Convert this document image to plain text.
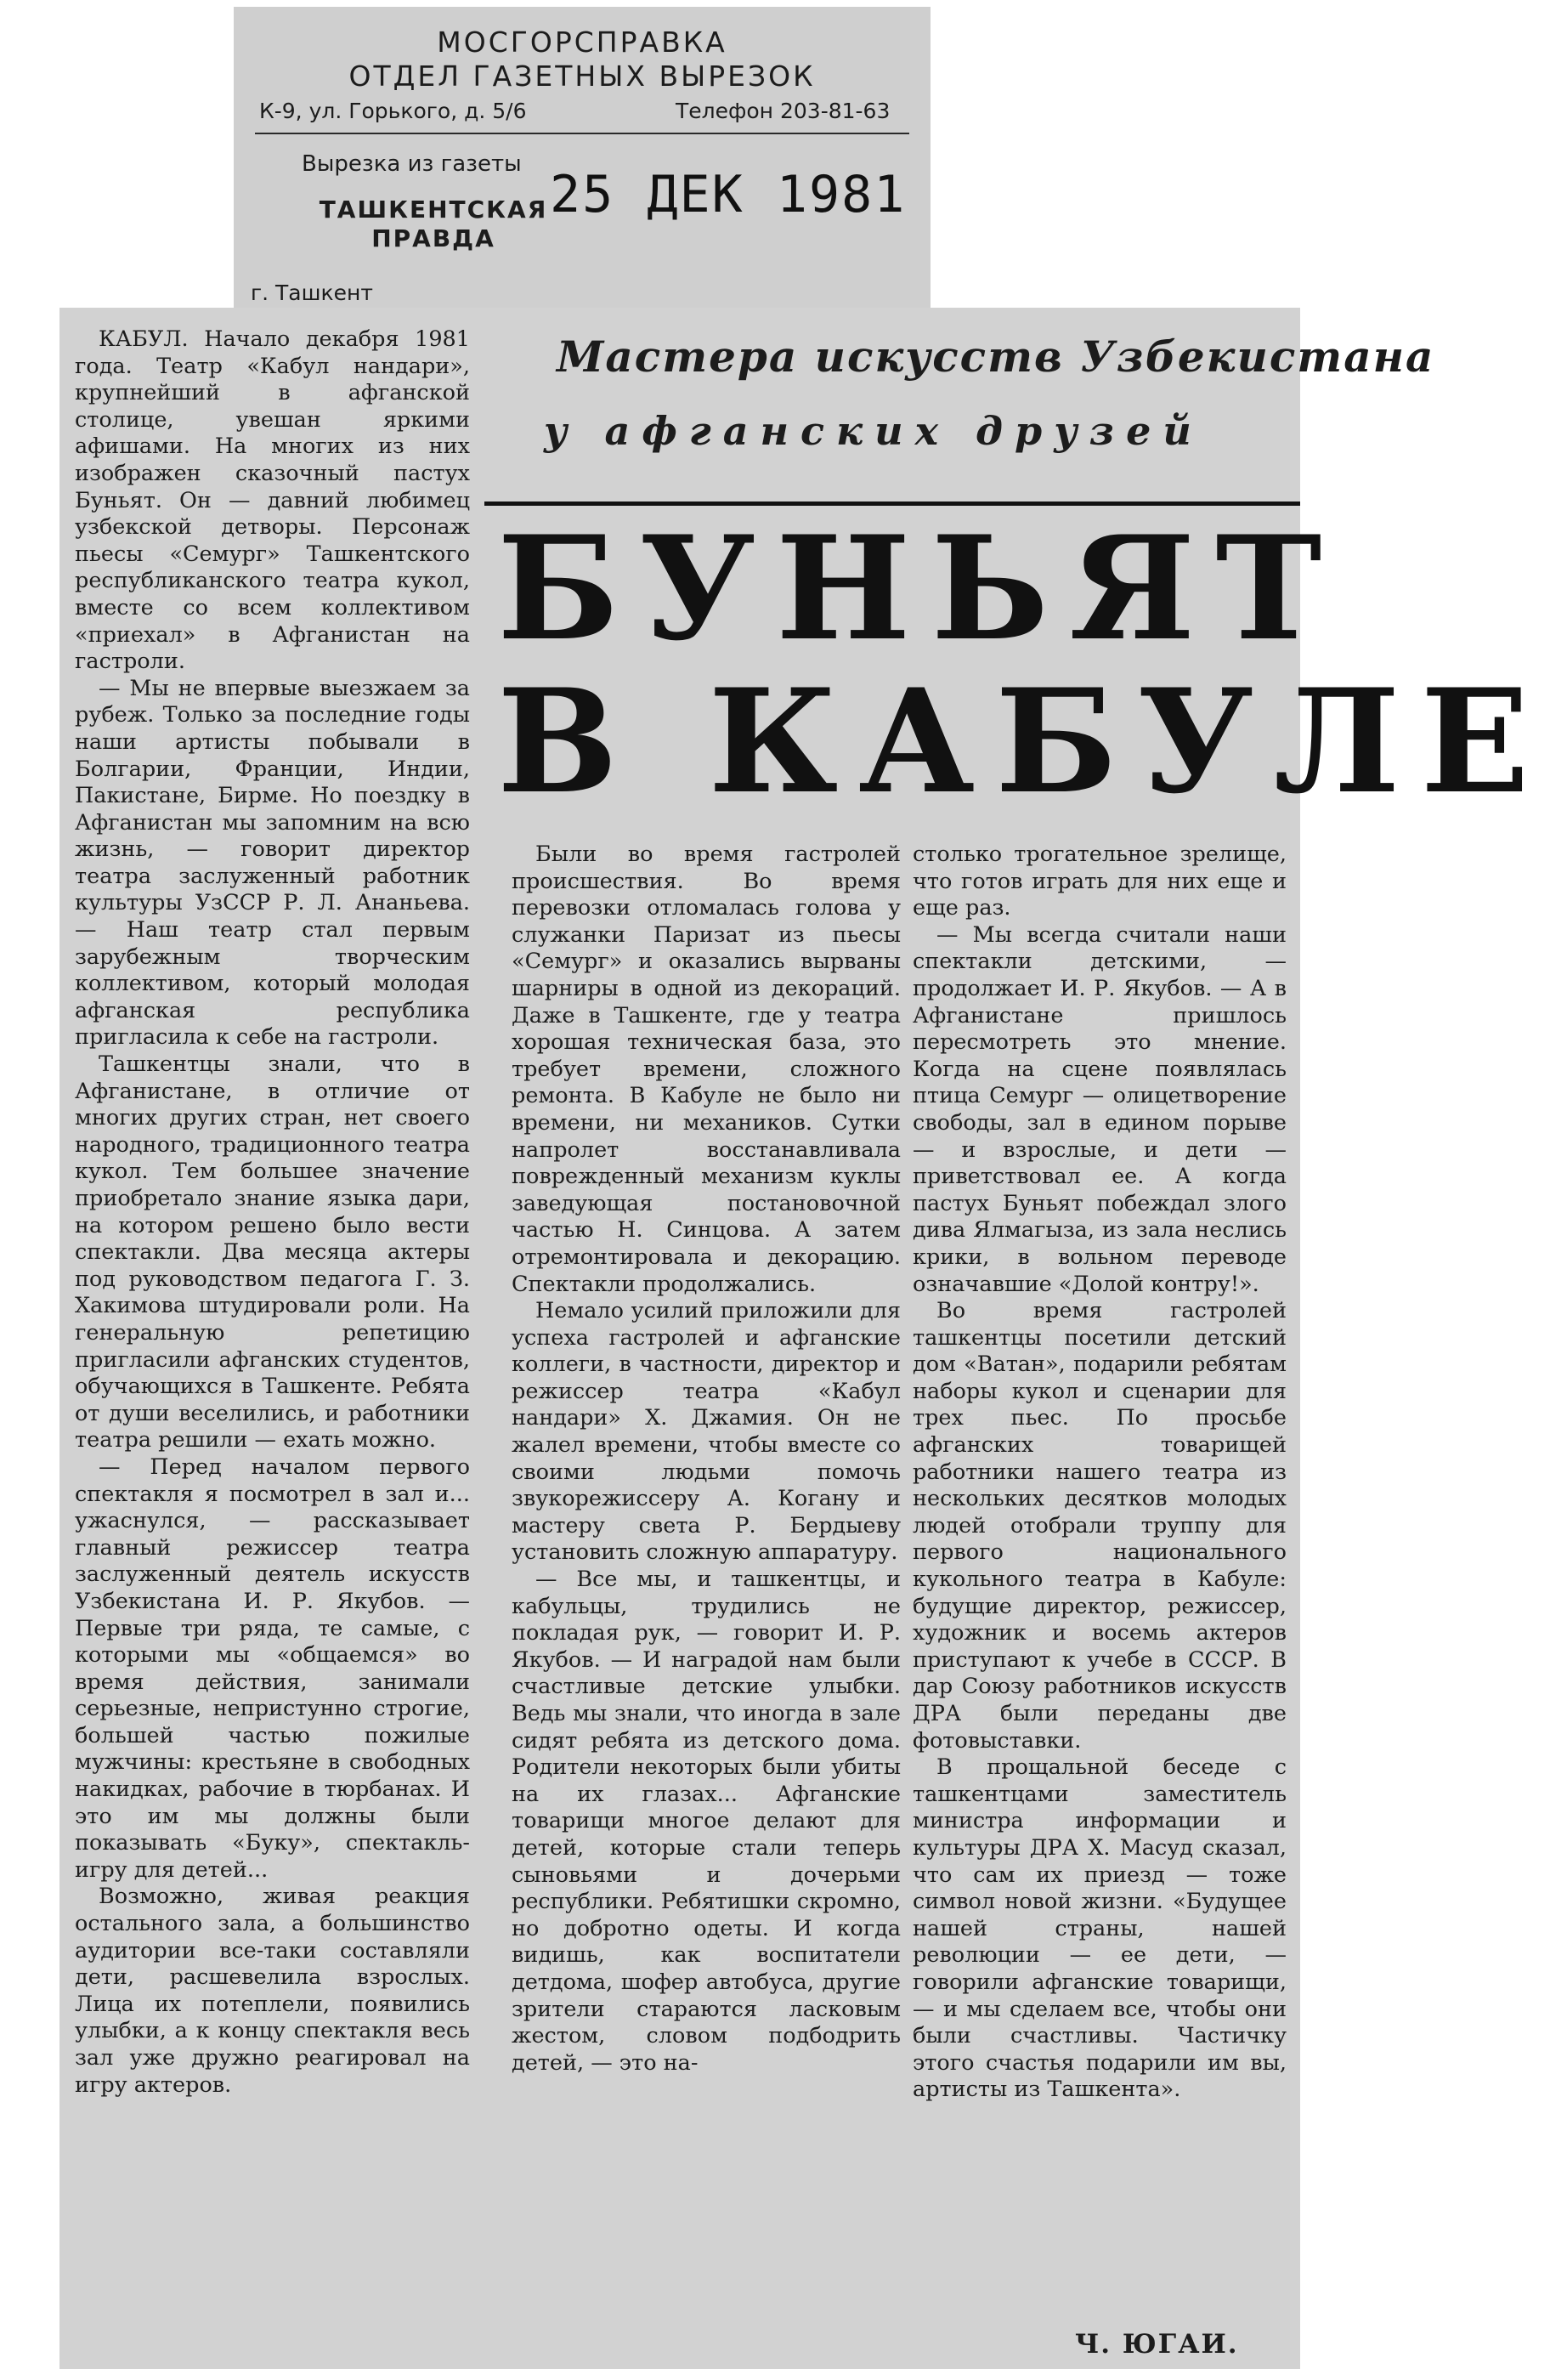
МОСГОРСПРАВКА
ОТДЕЛ ГАЗЕТНЫХ ВЫРЕЗОК
К-9, ул. Горького, д. 5/6	Телефон 203-81-63
Вырезка из газеты
ТАШКЕНТСКАЯ ПРАВДА
25 ДЕК 1981
г. Ташкент
Мастера искусств Узбекистана
у афганских друзей
БУНЬЯТ
В КАБУЛЕ

КАБУЛ. Начало декабря 1981 года. Театр «Кабул нандари», крупнейший в афганской столице, увешан яркими афишами. На многих из них изображен сказочный пастух Буньят. Он — давний любимец узбекской детворы. Персонаж пьесы «Семург» Ташкентского республиканского театра кукол, вместе со всем коллективом «приехал» в Афганистан на гастроли.

— Мы не впервые выезжаем за рубеж. Только за последние годы наши артисты побывали в Болгарии, Франции, Индии, Пакистане, Бирме. Но поездку в Афганистан мы запомним на всю жизнь, — говорит директор театра заслуженный работник культуры УзССР Р. Л. Ананьева. — Наш театр стал первым зарубежным творческим коллективом, который молодая афганская республика пригласила к себе на гастроли.

Ташкентцы знали, что в Афганистане, в отличие от многих других стран, нет своего народного, традиционного театра кукол. Тем большее значение приобретало знание языка дари, на котором решено было вести спектакли. Два месяца актеры под руководством педагога Г. З. Хакимова штудировали роли. На генеральную репетицию пригласили афганских студентов, обучающихся в Ташкенте. Ребята от души веселились, и работники театра решили — ехать можно.

— Перед началом первого спектакля я посмотрел в зал и... ужаснулся, — рассказывает главный режиссер театра заслуженный деятель искусств Узбекистана И. Р. Якубов. — Первые три ряда, те самые, с которыми мы «общаемся» во время действия, занимали серьезные, непристунно строгие, большей частью пожилые мужчины: крестьяне в свободных накидках, рабочие в тюрбанах. И это им мы должны были показывать «Буку», спектакль-игру для детей...

Возможно, живая реакция остального зала, а большинство аудитории все-таки составляли дети, расшевелила взрослых. Лица их потеплели, появились улыбки, а к концу спектакля весь зал уже дружно реагировал на игру актеров.

Были во время гастролей происшествия. Во время перевозки отломалась голова у служанки Паризат из пьесы «Семург» и оказались вырваны шарниры в одной из декораций. Даже в Ташкенте, где у театра хорошая техническая база, это требует времени, сложного ремонта. В Кабуле не было ни времени, ни механиков. Сутки напролет восстанавливала поврежденный механизм куклы заведующая постановочной частью Н. Синцова. А затем отремонтировала и декорацию. Спектакли продолжались.

Немало усилий приложили для успеха гастролей и афганские коллеги, в частности, директор и режиссер театра «Кабул нандари» Х. Джамия. Он не жалел времени, чтобы вместе со своими людьми помочь звукорежиссеру А. Когану и мастеру света Р. Бердыеву установить сложную аппаратуру.

— Все мы, и ташкентцы, и кабульцы, трудились не покладая рук, — говорит И. Р. Якубов. — И наградой нам были счастливые детские улыбки. Ведь мы знали, что иногда в зале сидят ребята из детского дома. Родители некоторых были убиты на их глазах... Афганские товарищи многое делают для детей, которые стали теперь сыновьями и дочерьми республики. Ребятишки скромно, но добротно одеты. И когда видишь, как воспитатели детдома, шофер автобуса, другие зрители стараются ласковым жестом, словом подбодрить детей, — это на-

столько трогательное зрелище, что готов играть для них еще и еще раз.

— Мы всегда считали наши спектакли детскими, — продолжает И. Р. Якубов. — А в Афганистане пришлось пересмотреть это мнение. Когда на сцене появлялась птица Семург — олицетворение свободы, зал в едином порыве — и взрослые, и дети — приветствовал ее. А когда пастух Буньят побеждал злого дива Ялмагыза, из зала неслись крики, в вольном переводе означавшие «Долой контру!».

Во время гастролей ташкентцы посетили детский дом «Ватан», подарили ребятам наборы кукол и сценарии для трех пьес. По просьбе афганских товарищей работники нашего театра из нескольких десятков молодых людей отобрали труппу для первого национального кукольного театра в Кабуле: будущие директор, режиссер, художник и восемь актеров приступают к учебе в СССР. В дар Союзу работников искусств ДРА были переданы две фотовыставки.

В прощальной беседе с ташкентцами заместитель министра информации и культуры ДРА Х. Масуд сказал, что сам их приезд — тоже символ новой жизни. «Будущее нашей страны, нашей революции — ее дети, — говорили афганские товарищи, — и мы сделаем все, чтобы они были счастливы. Частичку этого счастья подарили им вы, артисты из Ташкента».

Ч. ЮГАИ.
